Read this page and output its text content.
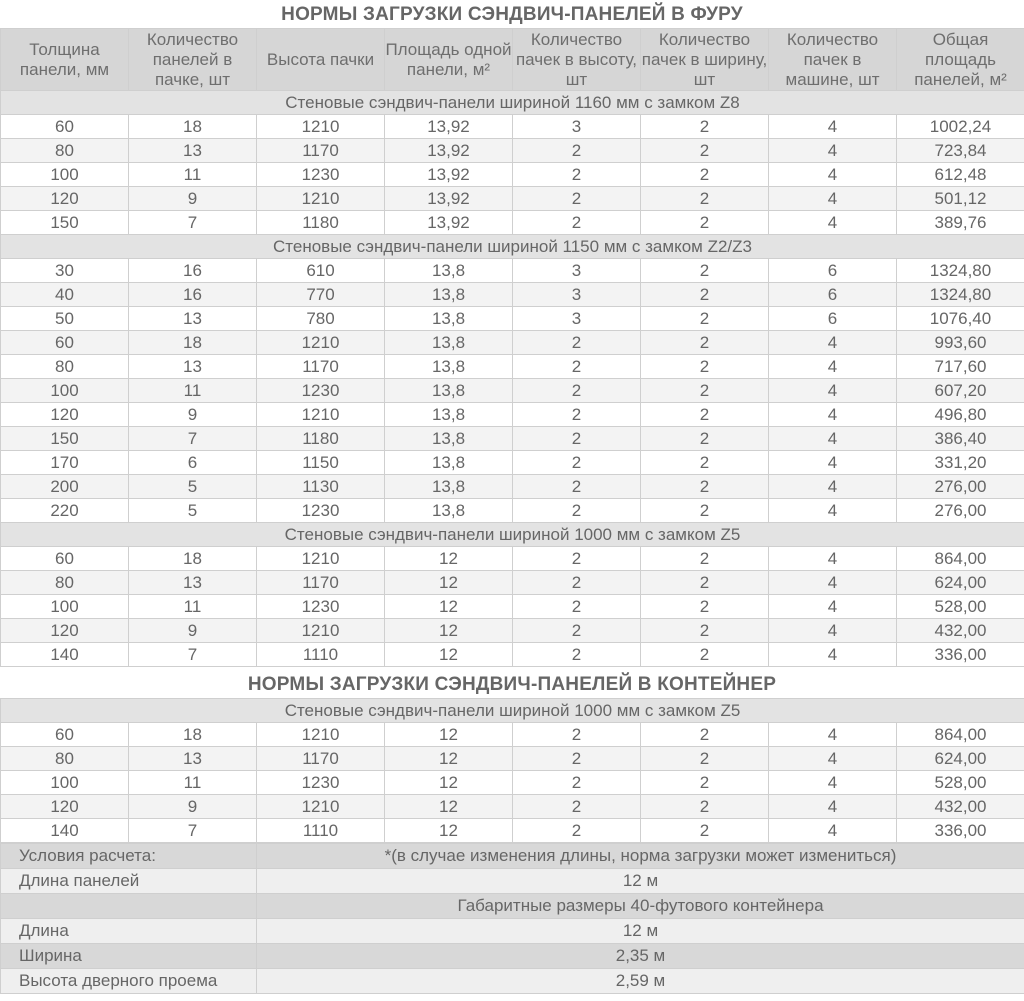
НОРМЫ ЗАГРУЗКИ СЭНДВИЧ-ПАНЕЛЕЙ В ФУРУ
Толщина панели, мм	Количество панелей в пачке, шт	Высота пачки	Площадь одной панели, м²	Количество пачек в высоту, шт	Количество пачек в ширину, шт	Количество пачек в машине, шт	Общая площадь панелей, м²
Стеновые сэндвич-панели шириной 1160 мм с замком Z8							
60	18	1210	13,92	3	2	4	1002,24
80	13	1170	13,92	2	2	4	723,84
100	11	1230	13,92	2	2	4	612,48
120	9	1210	13,92	2	2	4	501,12
150	7	1180	13,92	2	2	4	389,76
Стеновые сэндвич-панели шириной 1150 мм с замком Z2/Z3							
30	16	610	13,8	3	2	6	1324,80
40	16	770	13,8	3	2	6	1324,80
50	13	780	13,8	3	2	6	1076,40
60	18	1210	13,8	2	2	4	993,60
80	13	1170	13,8	2	2	4	717,60
100	11	1230	13,8	2	2	4	607,20
120	9	1210	13,8	2	2	4	496,80
150	7	1180	13,8	2	2	4	386,40
170	6	1150	13,8	2	2	4	331,20
200	5	1130	13,8	2	2	4	276,00
220	5	1230	13,8	2	2	4	276,00
Стеновые сэндвич-панели шириной 1000 мм с замком Z5							
60	18	1210	12	2	2	4	864,00
80	13	1170	12	2	2	4	624,00
100	11	1230	12	2	2	4	528,00
120	9	1210	12	2	2	4	432,00
140	7	1110	12	2	2	4	336,00
НОРМЫ ЗАГРУЗКИ СЭНДВИЧ-ПАНЕЛЕЙ В КОНТЕЙНЕР
Стеновые сэндвич-панели шириной 1000 мм с замком Z5							
60	18	1210	12	2	2	4	864,00
80	13	1170	12	2	2	4	624,00
100	11	1230	12	2	2	4	528,00
120	9	1210	12	2	2	4	432,00
140	7	1110	12	2	2	4	336,00
Условия расчета:	*(в случае изменения длины, норма загрузки может измениться)
Длина панелей	12 м
	Габаритные размеры 40-футового контейнера
Длина	12 м
Ширина	2,35 м
Высота дверного проема	2,59 м
